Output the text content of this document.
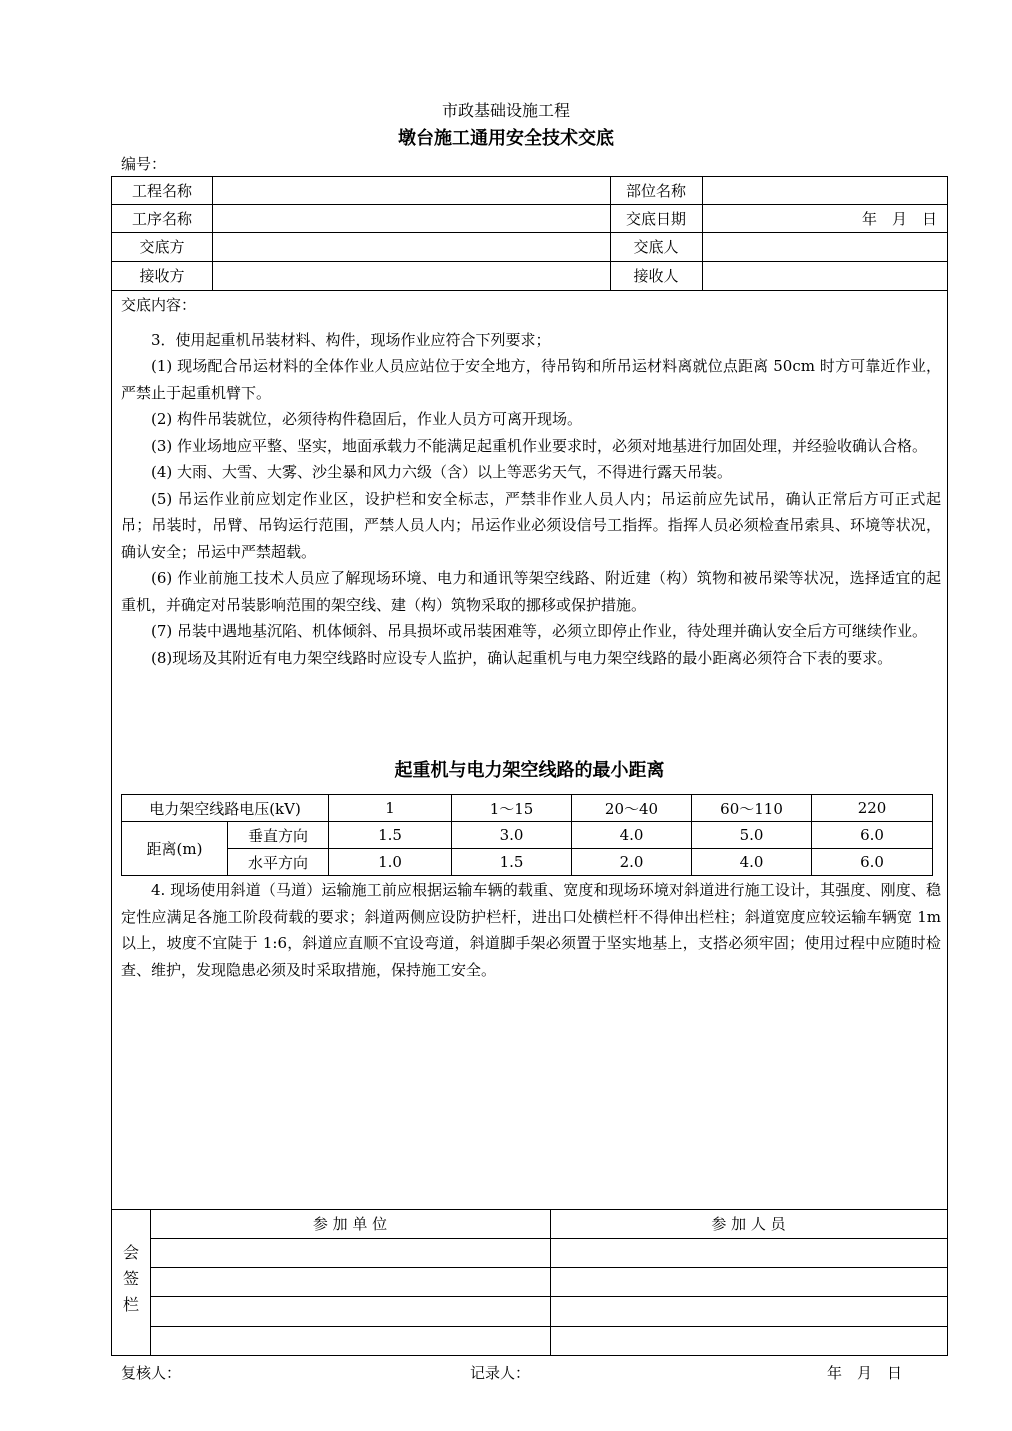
市政基础设施工程
墩台施工通用安全技术交底
编号：
工程名称	部位名称
工序名称	交底日期	年　月　日
交底方	交底人
接收方	接收人
参 加 单 位	参 加 人 员
会
签
栏

交底内容：

3．使用起重机吊装材料、构件，现场作业应符合下列要求；

(1) 现场配合吊运材料的全体作业人员应站位于安全地方，待吊钩和所吊运材料离就位点距离 50cm 时方可靠近作业，严禁止于起重机臂下。

(2) 构件吊装就位，必须待构件稳固后，作业人员方可离开现场。

(3) 作业场地应平整、坚实，地面承载力不能满足起重机作业要求时，必须对地基进行加固处理，并经验收确认合格。

(4) 大雨、大雪、大雾、沙尘暴和风力六级（含）以上等恶劣天气，不得进行露天吊装。

(5) 吊运作业前应划定作业区，设护栏和安全标志，严禁非作业人员人内；吊运前应先试吊，确认正常后方可正式起吊；吊装时，吊臂、吊钩运行范围，严禁人员人内；吊运作业必须设信号工指挥。指挥人员必须检查吊索具、环境等状况，确认安全；吊运中严禁超载。

(6) 作业前施工技术人员应了解现场环境、电力和通讯等架空线路、附近建（构）筑物和被吊梁等状况，选择适宜的起重机，并确定对吊装影响范围的架空线、建（构）筑物采取的挪移或保护措施。

(7) 吊装中遇地基沉陷、机体倾斜、吊具损坏或吊装困难等，必须立即停止作业，待处理并确认安全后方可继续作业。

(8)现场及其附近有电力架空线路时应设专人监护，确认起重机与电力架空线路的最小距离必须符合下表的要求。

起重机与电力架空线路的最小距离
电力架空线路电压(kV)		1	1～15	20～40	60～110	220
距离(m)	垂直方向	1.5	3.0	4.0	5.0	6.0
	水平方向	1.0	1.5	2.0	4.0	6.0

4. 现场使用斜道（马道）运输施工前应根据运输车辆的载重、宽度和现场环境对斜道进行施工设计，其强度、刚度、稳定性应满足各施工阶段荷载的要求；斜道两侧应设防护栏杆，进出口处横栏杆不得伸出栏柱；斜道宽度应较运输车辆宽 1m 以上，坡度不宜陡于 1:6，斜道应直顺不宜设弯道，斜道脚手架必须置于坚实地基上，支搭必须牢固；使用过程中应随时检查、维护，发现隐患必须及时采取措施，保持施工安全。

复核人：	记录人：	年　月　日
